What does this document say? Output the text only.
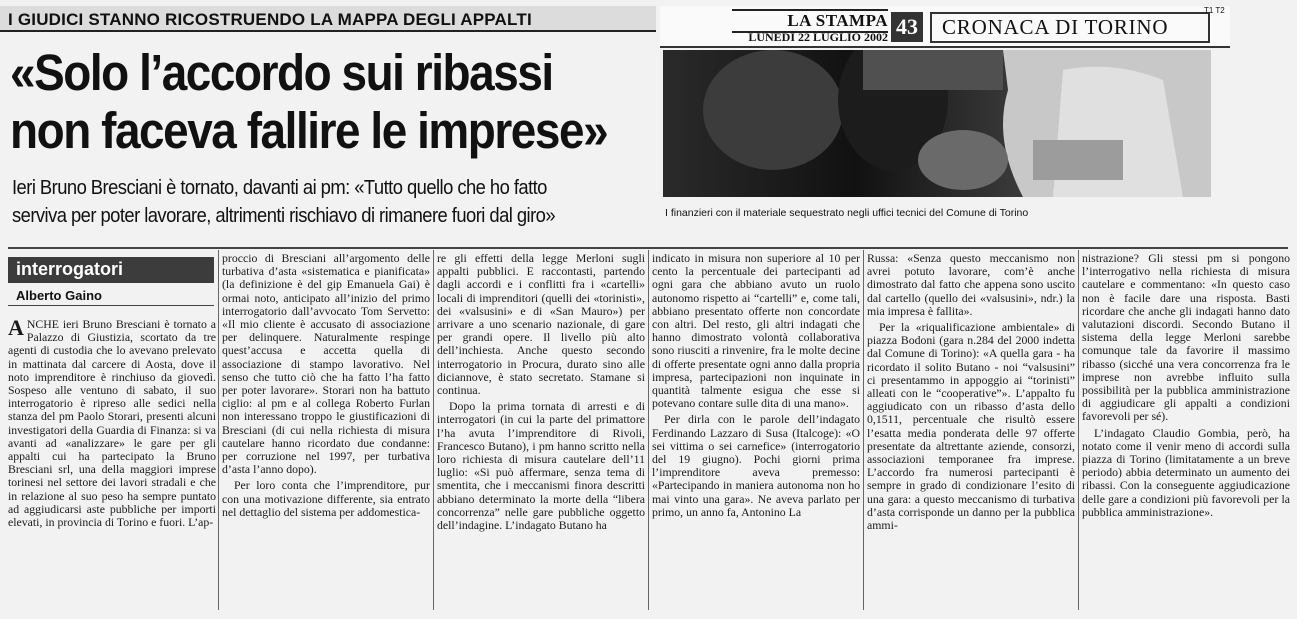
I GIUDICI STANNO RICOSTRUENDO LA MAPPA DEGLI APPALTI
«Solo l’accordo sui ribassi
non faceva fallire le imprese»
Ieri Bruno Bresciani è tornato, davanti ai pm: «Tutto quello che ho fatto
serviva per poter lavorare, altrimenti rischiavo di rimanere fuori dal giro»
LA STAMPA
LUNEDÌ 22 LUGLIO 2002 43	CRONACA DI TORINO
T1 T2
I finanzieri con il materiale sequestrato negli uffici tecnici del Comune di Torino
interrogatori
Alberto Gaino

ANCHE ieri Bruno Bresciani è tornato a Palazzo di Giustizia, scortato da tre agenti di custodia che lo avevano prelevato in mattinata dal carcere di Aosta, dove il noto imprenditore è rinchiuso da giovedì. Sospeso alle ventuno di sabato, il suo interrogatorio è ripreso alle sedici nella stanza del pm Paolo Storari, presenti alcuni investigatori della Guardia di Finanza: si va avanti ad «analizzare» le gare per gli appalti cui ha partecipato la Bruno Bresciani srl, una della maggiori imprese torinesi nel settore dei lavori stradali e che in relazione al suo peso ha sempre puntato ad aggiudicarsi aste pubbliche per importi elevati, in provincia di Torino e fuori. L’ap-

proccio di Bresciani all’argomento delle turbativa d’asta «sistematica e pianificata» (la definizione è del gip Emanuela Gai) è ormai noto, anticipato all’inizio del primo interrogatorio dall’avvocato Tom Servetto: «Il mio cliente è accusato di associazione per delinquere. Naturalmente respinge quest’accusa e accetta quella di associazione di stampo lavorativo. Nel senso che tutto ciò che ha fatto l’ha fatto per poter lavorare». Storari non ha battuto ciglio: al pm e al collega Roberto Furlan non interessano troppo le giustificazioni di Bresciani (di cui nella richiesta di misura cautelare hanno ricordato due condanne: per corruzione nel 1997, per turbativa d’asta l’anno dopo).

Per loro conta che l’imprenditore, pur con una motivazione differente, sia entrato nel dettaglio del sistema per addomestica-

re gli effetti della legge Merloni sugli appalti pubblici. E raccontasti, partendo dagli accordi e i conflitti fra i «cartelli» locali di imprenditori (quelli dei «torinisti», dei «valsusini» e di «San Mauro») per arrivare a uno scenario nazionale, di gare per grandi opere. Il livello più alto dell’inchiesta. Anche questo secondo interrogatorio in Procura, durato sino alle diciannove, è stato secretato. Stamane si continua.

Dopo la prima tornata di arresti e di interrogatori (in cui la parte del primattore l’ha avuta l’imprenditore di Rivoli, Francesco Butano), i pm hanno scritto nella loro richiesta di misura cautelare dell’11 luglio: «Si può affermare, senza tema di smentita, che i meccanismi finora descritti abbiano determinato la morte della “libera concorrenza” nelle gare pubbliche oggetto dell’indagine. L’indagato Butano ha

indicato in misura non superiore al 10 per cento la percentuale dei partecipanti ad ogni gara che abbiano avuto un ruolo autonomo rispetto ai “cartelli” e, come tali, abbiano presentato offerte non concordate con altri. Del resto, gli altri indagati che hanno dimostrato volontà collaborativa sono riusciti a rinvenire, fra le molte decine di offerte presentate ogni anno dalla propria impresa, partecipazioni non inquinate in quantità talmente esigua che esse si potevano contare sulle dita di una mano».

Per dirla con le parole dell’indagato Ferdinando Lazzaro di Susa (Italcoge): «O sei vittima o sei carnefice» (interrogatorio del 19 giugno). Pochi giorni prima l’imprenditore aveva premesso: «Partecipando in maniera autonoma non ho mai vinto una gara». Ne aveva parlato per primo, un anno fa, Antonino La

Russa: «Senza questo meccanismo non avrei potuto lavorare, com’è anche dimostrato dal fatto che appena sono uscito dal cartello (quello dei «valsusini», ndr.) la mia impresa è fallita».

Per la «riqualificazione ambientale» di piazza Bodoni (gara n.284 del 2000 indetta dal Comune di Torino): «A quella gara - ha ricordato il solito Butano - noi “valsusini” ci presentammo in appoggio ai “torinisti” alleati con le “cooperative”». L’appalto fu aggiudicato con un ribasso d’asta dello 0,1511, percentuale che risultò essere l’esatta media ponderata delle 97 offerte presentate da altrettante aziende, consorzi, associazioni temporanee fra imprese. L’accordo fra numerosi partecipanti è sempre in grado di condizionare l’esito di una gara: a questo meccanismo di turbativa d’asta corrisponde un danno per la pubblica ammi-

nistrazione? Gli stessi pm si pongono l’interrogativo nella richiesta di misura cautelare e commentano: «In questo caso non è facile dare una risposta. Basti ricordare che anche gli indagati hanno dato valutazioni discordi. Secondo Butano il sistema della legge Merloni sarebbe comunque tale da favorire il massimo ribasso (sicché una vera concorrenza fra le imprese non avrebbe influito sulla possibilità per la pubblica amministrazione di aggiudicare gli appalti a condizioni favorevoli per sé).

L’indagato Claudio Gombia, però, ha notato come il venir meno di accordi sulla piazza di Torino (limitatamente a un breve periodo) abbia determinato un aumento dei ribassi. Con la conseguente aggiudicazione delle gare a condizioni più favorevoli per la pubblica amministrazione».
